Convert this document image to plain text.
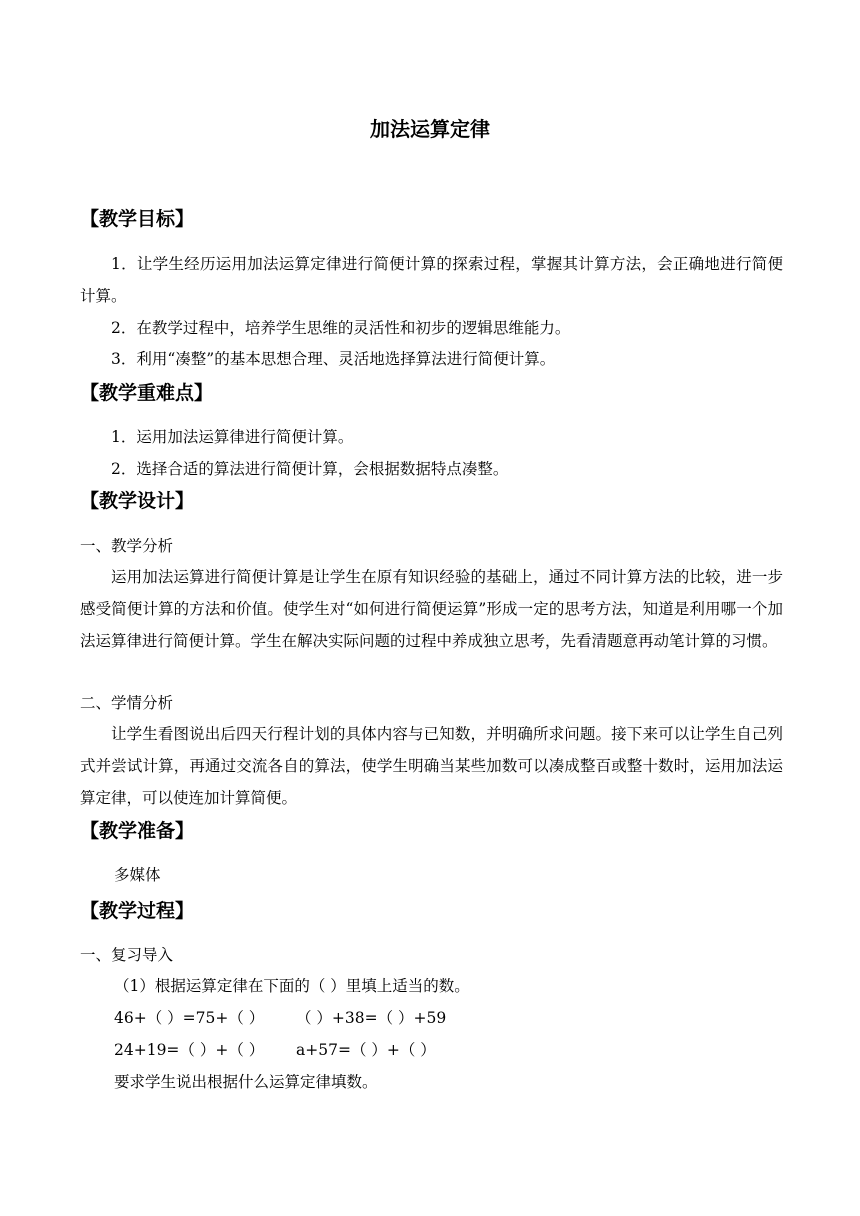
加法运算定律
【教学目标】
1．让学生经历运用加法运算定律进行简便计算的探索过程，掌握其计算方法，会正确地进行简便计算。
2．在教学过程中，培养学生思维的灵活性和初步的逻辑思维能力。
3．利用“凑整”的基本思想合理、灵活地选择算法进行简便计算。
【教学重难点】
1．运用加法运算律进行简便计算。
2．选择合适的算法进行简便计算，会根据数据特点凑整。
【教学设计】
一、教学分析
运用加法运算进行简便计算是让学生在原有知识经验的基础上，通过不同计算方法的比较，进一步感受简便计算的方法和价值。使学生对“如何进行简便运算”形成一定的思考方法，知道是利用哪一个加法运算律进行简便计算。学生在解决实际问题的过程中养成独立思考，先看清题意再动笔计算的习惯。
二、学情分析
让学生看图说出后四天行程计划的具体内容与已知数，并明确所求问题。接下来可以让学生自己列式并尝试计算，再通过交流各自的算法，使学生明确当某些加数可以凑成整百或整十数时，运用加法运算定律，可以使连加计算简便。
【教学准备】
多媒体
【教学过程】
一、复习导入
（1）根据运算定律在下面的（ ）里填上适当的数。
46+（ ）=75+（ ） （ ）+38=（ ）+59
24+19=（ ）+（ ） a+57=（ ）+（ ）
要求学生说出根据什么运算定律填数。
